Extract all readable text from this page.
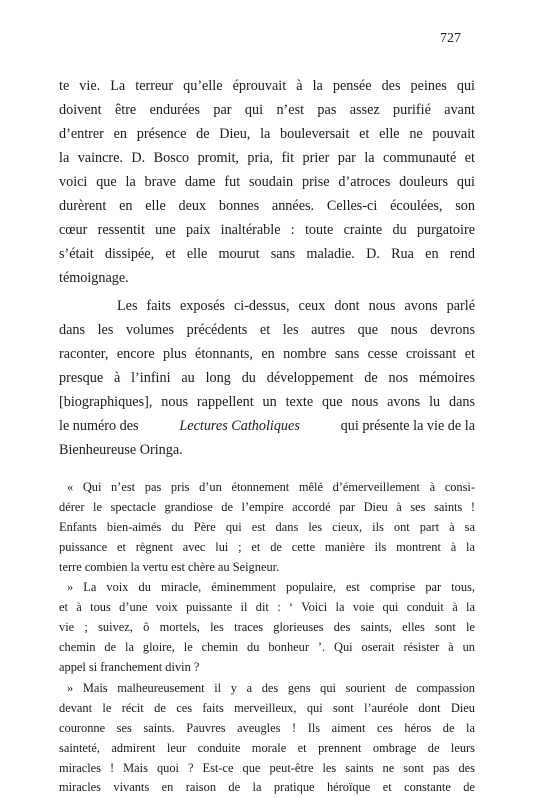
727
te vie. La terreur qu’elle éprouvait à la pensée des peines qui
doivent être endurées par qui n’est pas assez purifié avant
d’entrer en présence de Dieu, la bouleversait et elle ne pouvait
la vaincre. D. Bosco promit, pria, fit prier par la communauté et
voici que la brave dame fut soudain prise d’atroces douleurs qui
durèrent en elle deux bonnes années. Celles-ci écoulées, son
cœur ressentit une paix inaltérable : toute crainte du purgatoire
s’était dissipée, et elle mourut sans maladie. D. Rua en rend
témoignage.
Les faits exposés ci-dessus, ceux dont nous avons parlé
dans les volumes précédents et les autres que nous devrons
raconter, encore plus étonnants, en nombre sans cesse croissant et
presque à l’infini au long du développement de nos mémoires
[biographiques], nous rappellent un texte que nous avons lu dans
le numéro des	Lectures Catholiques	qui présente la vie de la
Bienheureuse Oringa.
« Qui n’est pas pris d’un étonnement mêlé d’émerveillement à consi-
dérer le spectacle grandiose de l’empire accordé par Dieu à ses saints !
Enfants bien-aimés du Père qui est dans les cieux, ils ont part à sa
puissance et règnent avec lui ; et de cette manière ils montrent à la
terre combien la vertu est chère au Seigneur.
» La voix du miracle, éminemment populaire, est comprise par tous,
et à tous d’une voix puissante il dit : ‘ Voici la voie qui conduit à la
vie ; suivez, ô mortels, les traces glorieuses des saints, elles sont le
chemin de la gloire, le chemin du bonheur ’. Qui oserait résister à un
appel si franchement divin ?
» Mais malheureusement il y a des gens qui sourient de compassion
devant le récit de ces faits merveilleux, qui sont l’auréole dont Dieu
couronne ses saints. Pauvres aveugles ! Ils aiment ces héros de la
sainteté, admirent leur conduite morale et prennent ombrage de leurs
miracles ! Mais quoi ? Est-ce que peut-être les saints ne sont pas des
miracles vivants en raison de la pratique héroïque et constante de
